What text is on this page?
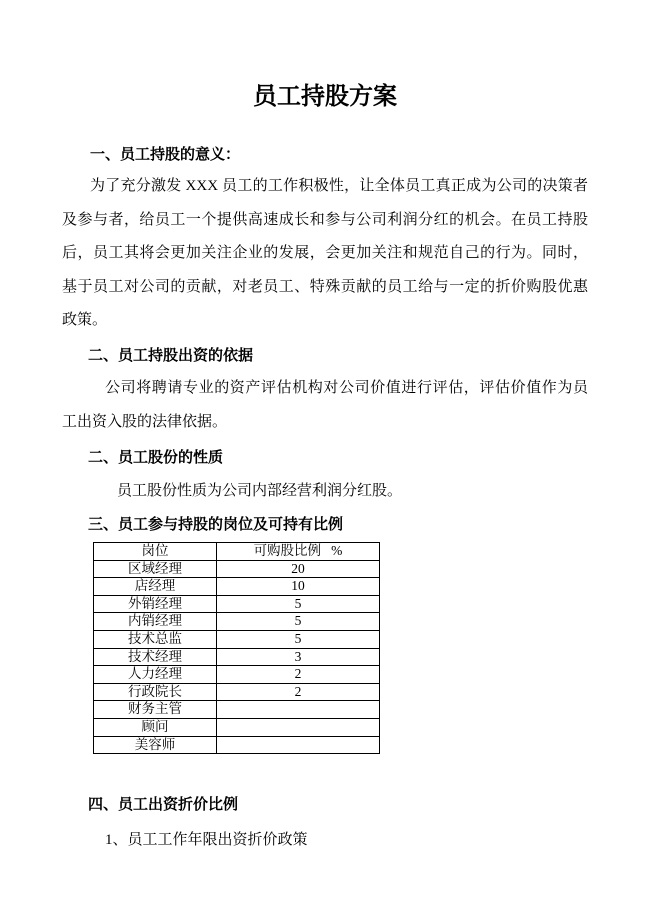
员工持股方案
一、员工持股的意义：
为了充分激发 XXX 员工的工作积极性，让全体员工真正成为公司的决策者
及参与者，给员工一个提供高速成长和参与公司利润分红的机会。在员工持股
后，员工其将会更加关注企业的发展，会更加关注和规范自己的行为。同时，
基于员工对公司的贡献，对老员工、特殊贡献的员工给与一定的折价购股优惠
政策。
二、员工持股出资的依据
公司将聘请专业的资产评估机构对公司价值进行评估，评估价值作为员
工出资入股的法律依据。
二、员工股份的性质
员工股份性质为公司内部经营利润分红股。
三、员工参与持股的岗位及可持有比例
岗位	可购股比例   %
区域经理	20
店经理	10
外销经理	5
内销经理	5
技术总监	5
技术经理	3
人力经理	2
行政院长	2
财务主管	
顾问	
美容师	
四、员工出资折价比例
1、员工工作年限出资折价政策
